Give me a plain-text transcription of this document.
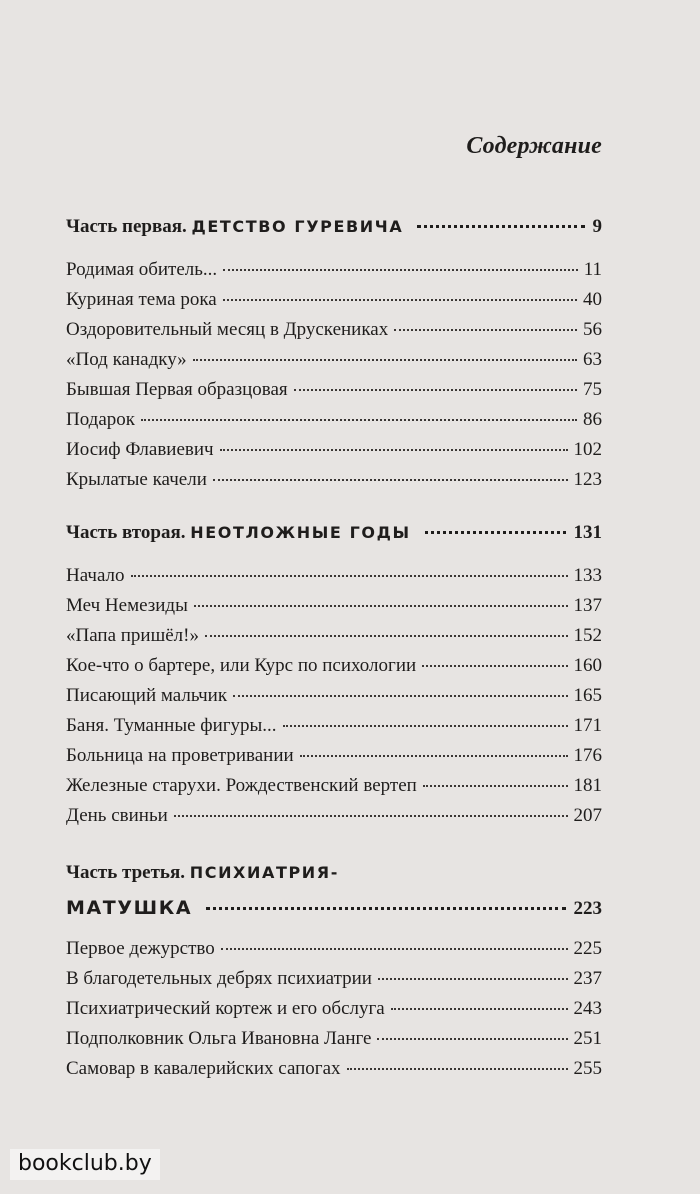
Содержание
Часть первая. ДЕТСТВО ГУРЕВИЧА	9
Родимая обитель...	11
Куриная тема рока	40
Оздоровительный месяц в Друскениках	56
«Под канадку»	63
Бывшая Первая образцовая	75
Подарок	86
Иосиф Флавиевич	102
Крылатые качели	123
Часть вторая. НЕОТЛОЖНЫЕ ГОДЫ	131
Начало	133
Меч Немезиды	137
«Папа пришёл!»	152
Кое-что о бартере, или Курс по психологии	160
Писающий мальчик	165
Баня. Туманные фигуры...	171
Больница на проветривании	176
Железные старухи. Рождественский вертеп	181
День свиньи	207
Часть третья. ПСИХИАТРИЯ-
МАТУШКА	223
Первое дежурство	225
В благодетельных дебрях психиатрии	237
Психиатрический кортеж и его обслуга	243
Подполковник Ольга Ивановна Ланге	251
Самовар в кавалерийских сапогах	255
bookclub.by
